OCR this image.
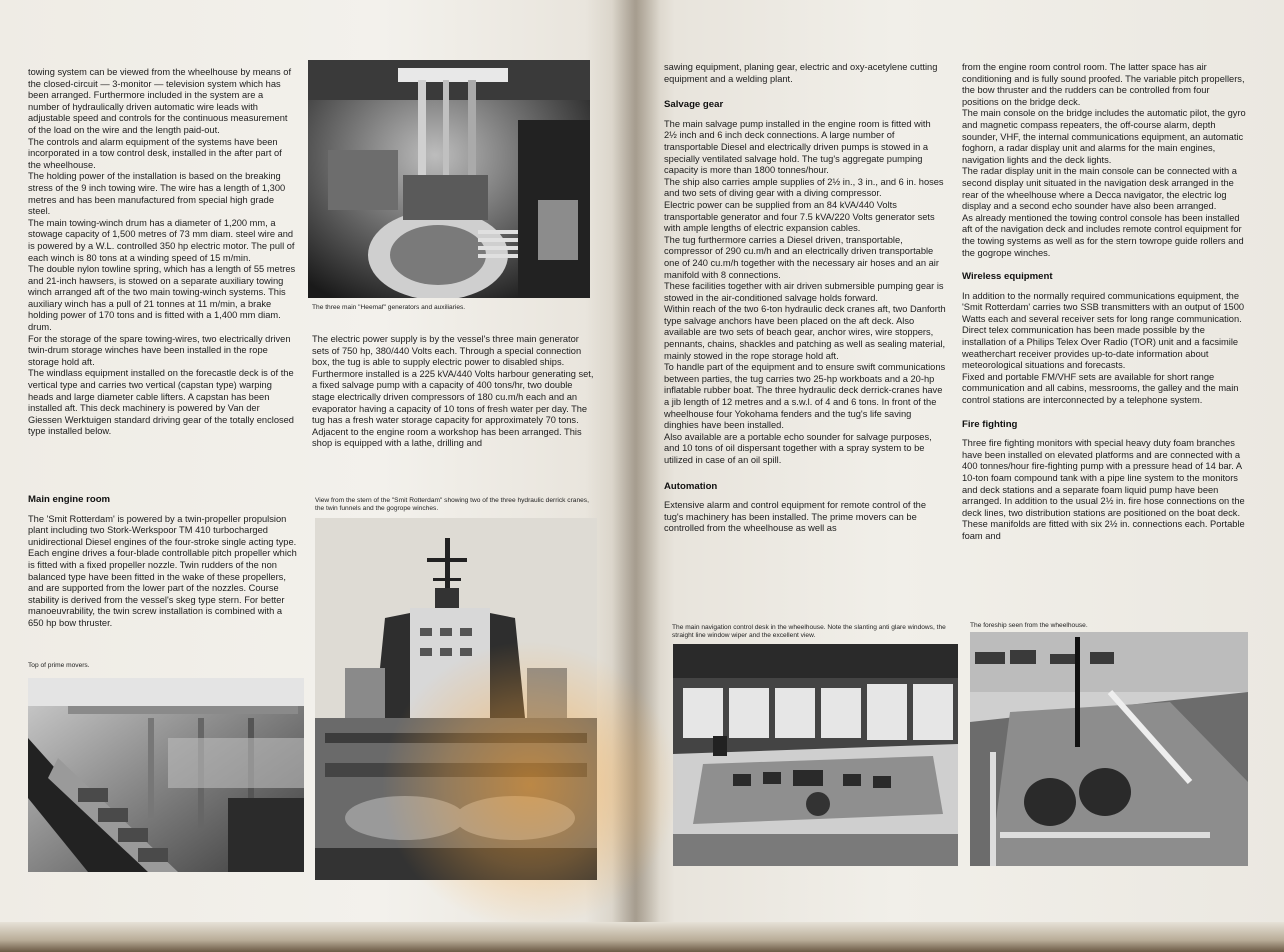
towing system can be viewed from the wheelhouse by means of the closed-circuit — 3-monitor — television system which has been arranged. Furthermore included in the system are a number of hydraulically driven automatic wire leads with adjustable speed and controls for the continuous measurement of the load on the wire and the length paid-out.

The controls and alarm equipment of the systems have been incorporated in a tow control desk, installed in the after part of the wheelhouse.

The holding power of the installation is based on the breaking stress of the 9 inch towing wire. The wire has a length of 1,300 metres and has been manufactured from special high grade steel.

The main towing-winch drum has a diameter of 1,200 mm, a stowage capacity of 1,500 metres of 73 mm diam. steel wire and is powered by a W.L. controlled 350 hp electric motor. The pull of each winch is 80 tons at a winding speed of 15 m/min.

The double nylon towline spring, which has a length of 55 metres and 21-inch hawsers, is stowed on a separate auxiliary towing winch arranged aft of the two main towing-winch systems. This auxiliary winch has a pull of 21 tonnes at 11 m/min, a brake holding power of 170 tons and is fitted with a 1,400 mm diam. drum.

For the storage of the spare towing-wires, two electrically driven twin-drum storage winches have been installed in the rope storage hold aft.

The windlass equipment installed on the forecastle deck is of the vertical type and carries two vertical (capstan type) warping heads and large diameter cable lifters. A capstan has been installed aft. This deck machinery is powered by Van der Giessen Werktuigen standard driving gear of the totally enclosed type installed below.

Main engine room

The 'Smit Rotterdam' is powered by a twin-propeller propulsion plant including two Stork-Werkspoor TM 410 turbocharged unidirectional Diesel engines of the four-stroke single acting type. Each engine drives a four-blade controllable pitch propeller which is fitted with a fixed propeller nozzle. Twin rudders of the non balanced type have been fitted in the wake of these propellers, and are supported from the lower part of the nozzles. Course stability is derived from the vessel's skeg type stern. For better manoeuvrability, the twin screw installation is combined with a 650 hp bow thruster.

Top of prime movers.
The three main "Heemaf" generators and auxiliaries.

The electric power supply is by the vessel's three main generator sets of 750 hp, 380/440 Volts each. Through a special connection box, the tug is able to supply electric power to disabled ships. Furthermore installed is a 225 kVA/440 Volts harbour generating set, a fixed salvage pump with a capacity of 400 tons/hr, two double stage electrically driven compressors of 180 cu.m/h each and an evaporator having a capacity of 10 tons of fresh water per day. The tug has a fresh water storage capacity for approximately 70 tons.

Adjacent to the engine room a workshop has been arranged. This shop is equipped with a lathe, drilling and

View from the stern of the "Smit Rotterdam" showing two of the three hydraulic derrick cranes, the twin funnels and the gogrope winches.

sawing equipment, planing gear, electric and oxy-acetylene cutting equipment and a welding plant.

Salvage gear

The main salvage pump installed in the engine room is fitted with 2½ inch and 6 inch deck connections. A large number of transportable Diesel and electrically driven pumps is stowed in a specially ventilated salvage hold. The tug's aggregate pumping capacity is more than 1800 tonnes/hour.

The ship also carries ample supplies of 2½ in., 3 in., and 6 in. hoses and two sets of diving gear with a diving compressor.

Electric power can be supplied from an 84 kVA/440 Volts transportable generator and four 7.5 kVA/220 Volts generator sets with ample lengths of electric expansion cables.

The tug furthermore carries a Diesel driven, transportable, compressor of 290 cu.m/h and an electrically driven transportable one of 240 cu.m/h together with the necessary air hoses and an air manifold with 8 connections.

These facilities together with air driven submersible pumping gear is stowed in the air-conditioned salvage holds forward.

Within reach of the two 6-ton hydraulic deck cranes aft, two Danforth type salvage anchors have been placed on the aft deck. Also available are two sets of beach gear, anchor wires, wire stoppers, pennants, chains, shackles and patching as well as sealing material, mainly stowed in the rope storage hold aft.

To handle part of the equipment and to ensure swift communications between parties, the tug carries two 25-hp workboats and a 20-hp inflatable rubber boat. The three hydraulic deck derrick-cranes have a jib length of 12 metres and a s.w.l. of 4 and 6 tons. In front of the wheelhouse four Yokohama fenders and the tug's life saving dinghies have been installed.

Also available are a portable echo sounder for salvage purposes, and 10 tons of oil dispersant together with a spray system to be utilized in case of an oil spill.

Automation

Extensive alarm and control equipment for remote control of the tug's machinery has been installed. The prime movers can be controlled from the wheelhouse as well as

from the engine room control room. The latter space has air conditioning and is fully sound proofed. The variable pitch propellers, the bow thruster and the rudders can be controlled from four positions on the bridge deck.

The main console on the bridge includes the automatic pilot, the gyro and magnetic compass repeaters, the off-course alarm, depth sounder, VHF, the internal communications equipment, an automatic foghorn, a radar display unit and alarms for the main engines, navigation lights and the deck lights.

The radar display unit in the main console can be connected with a second display unit situated in the navigation desk arranged in the rear of the wheelhouse where a Decca navigator, the electric log display and a second echo sounder have also been arranged.

As already mentioned the towing control console has been installed aft of the navigation deck and includes remote control equipment for the towing systems as well as for the stern towrope guide rollers and the gogrope winches.

Wireless equipment

In addition to the normally required communications equipment, the 'Smit Rotterdam' carries two SSB transmitters with an output of 1500 Watts each and several receiver sets for long range communication. Direct telex communication has been made possible by the installation of a Philips Telex Over Radio (TOR) unit and a facsimile weatherchart receiver provides up-to-date information about meteorological situations and forecasts.

Fixed and portable FM/VHF sets are available for short range communication and all cabins, messrooms, the galley and the main control stations are interconnected by a telephone system.

Fire fighting

Three fire fighting monitors with special heavy duty foam branches have been installed on elevated platforms and are connected with a 400 tonnes/hour fire-fighting pump with a pressure head of 14 bar. A 10-ton foam compound tank with a pipe line system to the monitors and deck stations and a separate foam liquid pump have been arranged. In addition to the usual 2½ in. fire hose connections on the deck lines, two distribution stations are positioned on the boat deck. These manifolds are fitted with six 2½ in. connections each. Portable foam and

The main navigation control desk in the wheelhouse. Note the slanting anti glare windows, the straight line window wiper and the excellent view.
The foreship seen from the wheelhouse.
